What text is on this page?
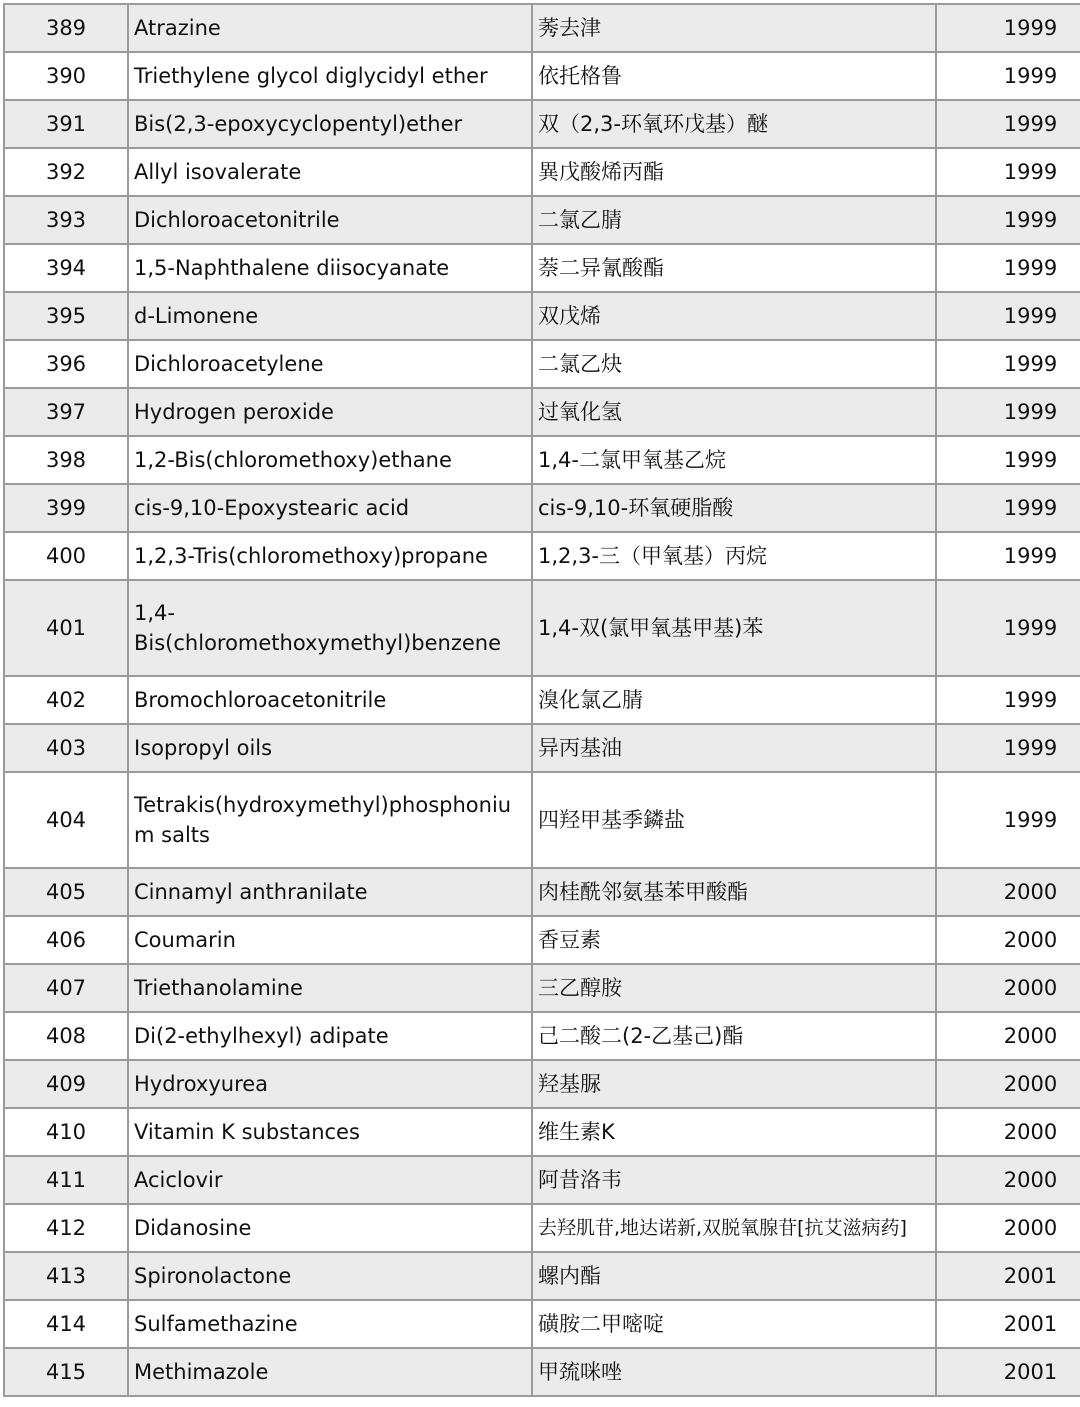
389	Atrazine	莠去津	1999
390	Triethylene glycol diglycidyl ether	依托格鲁	1999
391	Bis(2,3-epoxycyclopentyl)ether	双（2,3-环氧环戊基）醚	1999
392	Allyl isovalerate	異戊酸烯丙酯	1999
393	Dichloroacetonitrile	二氯乙腈	1999
394	1,5-Naphthalene diisocyanate	萘二异氰酸酯	1999
395	d-Limonene	双戊烯	1999
396	Dichloroacetylene	二氯乙炔	1999
397	Hydrogen peroxide	过氧化氢	1999
398	1,2-Bis(chloromethoxy)ethane	1,4-二氯甲氧基乙烷	1999
399	cis-9,10-Epoxystearic acid	cis-9,10-环氧硬脂酸	1999
400	1,2,3-Tris(chloromethoxy)propane	1,2,3-三（甲氧基）丙烷	1999
401	1,4-Bis(chloromethoxymethyl)benzene	1,4-双(氯甲氧基甲基)苯	1999
402	Bromochloroacetonitrile	溴化氯乙腈	1999
403	Isopropyl oils	异丙基油	1999
404	Tetrakis(hydroxymethyl)phosphonium salts	四羟甲基季鏻盐	1999
405	Cinnamyl anthranilate	肉桂酰邻氨基苯甲酸酯	2000
406	Coumarin	香豆素	2000
407	Triethanolamine	三乙醇胺	2000
408	Di(2-ethylhexyl) adipate	己二酸二(2-乙基己)酯	2000
409	Hydroxyurea	羟基脲	2000
410	Vitamin K substances	维生素K	2000
411	Aciclovir	阿昔洛韦	2000
412	Didanosine	去羟肌苷,地达诺新,双脱氧腺苷[抗艾滋病药]	2000
413	Spironolactone	螺内酯	2001
414	Sulfamethazine	磺胺二甲嘧啶	2001
415	Methimazole	甲巯咪唑	2001
